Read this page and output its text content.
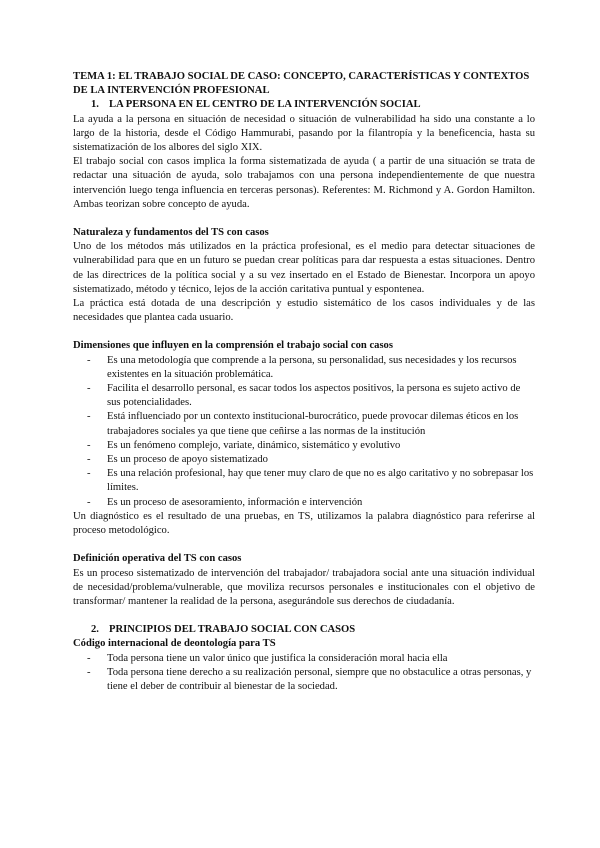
TEMA 1: EL TRABAJO SOCIAL DE CASO: CONCEPTO, CARACTERÍSTICAS Y CONTEXTOS DE LA INTERVENCIÓN PROFESIONAL

1. LA PERSONA EN EL CENTRO DE LA INTERVENCIÓN SOCIAL

La ayuda a la persona en situación de necesidad o situación de vulnerabilidad ha sido una constante a lo largo de la historia, desde el Código Hammurabi, pasando por la filantropía y la beneficencia, hasta su sistematización de los albores del siglo XIX.

El trabajo social con casos implica la forma sistematizada de ayuda ( a partir de una situación se trata de redactar una situación de ayuda, solo trabajamos con una persona independientemente de que nuestra intervención luego tenga influencia en terceras personas). Referentes: M. Richmond y A. Gordon Hamilton. Ambas teorizan sobre concepto de ayuda.

Naturaleza y fundamentos del TS con casos

Uno de los métodos más utilizados en la práctica profesional, es el medio para detectar situaciones de vulnerabilidad para que en un futuro se puedan crear políticas para dar respuesta a estas situaciones. Dentro de las directrices de la política social y a su vez insertado en el Estado de Bienestar. Incorpora un apoyo sistematizado, método y técnico, lejos de la acción caritativa puntual y espontenea.

La práctica está dotada de una descripción y estudio sistemático de los casos individuales y de las necesidades que plantea cada usuario.

Dimensiones que influyen en la comprensión el trabajo social con casos

- Es una metodología que comprende a la persona, su personalidad, sus necesidades y los recursos existentes en la situación problemática.
- Facilita el desarrollo personal, es sacar todos los aspectos positivos, la persona es sujeto activo de sus potencialidades.
- Está influenciado por un contexto institucional-burocrático, puede provocar dilemas éticos en los trabajadores sociales ya que tiene que ceñirse a las normas de la institución
- Es un fenómeno complejo, variate, dinámico, sistemático y evolutivo
- Es un proceso de apoyo sistematizado
- Es una relación profesional, hay que tener muy claro de que no es algo caritativo y no sobrepasar los límites.
- Es un proceso de asesoramiento, información e intervención

Un diagnóstico es el resultado de una pruebas, en TS, utilizamos la palabra diagnóstico para referirse al proceso metodológico.

Definición operativa del TS con casos

Es un proceso sistematizado de intervención del trabajador/ trabajadora social ante una situación individual de necesidad/problema/vulnerable, que moviliza recursos personales e institucionales con el objetivo de transformar/ mantener la realidad de la persona, asegurándole sus derechos de ciudadanía.

2. PRINCIPIOS DEL TRABAJO SOCIAL CON CASOS

Código internacional de deontología para TS

- Toda persona tiene un valor único que justifica la consideración moral hacia ella
- Toda persona tiene derecho a su realización personal, siempre que no obstaculice a otras personas, y tiene el deber de contribuir al bienestar de la sociedad.
